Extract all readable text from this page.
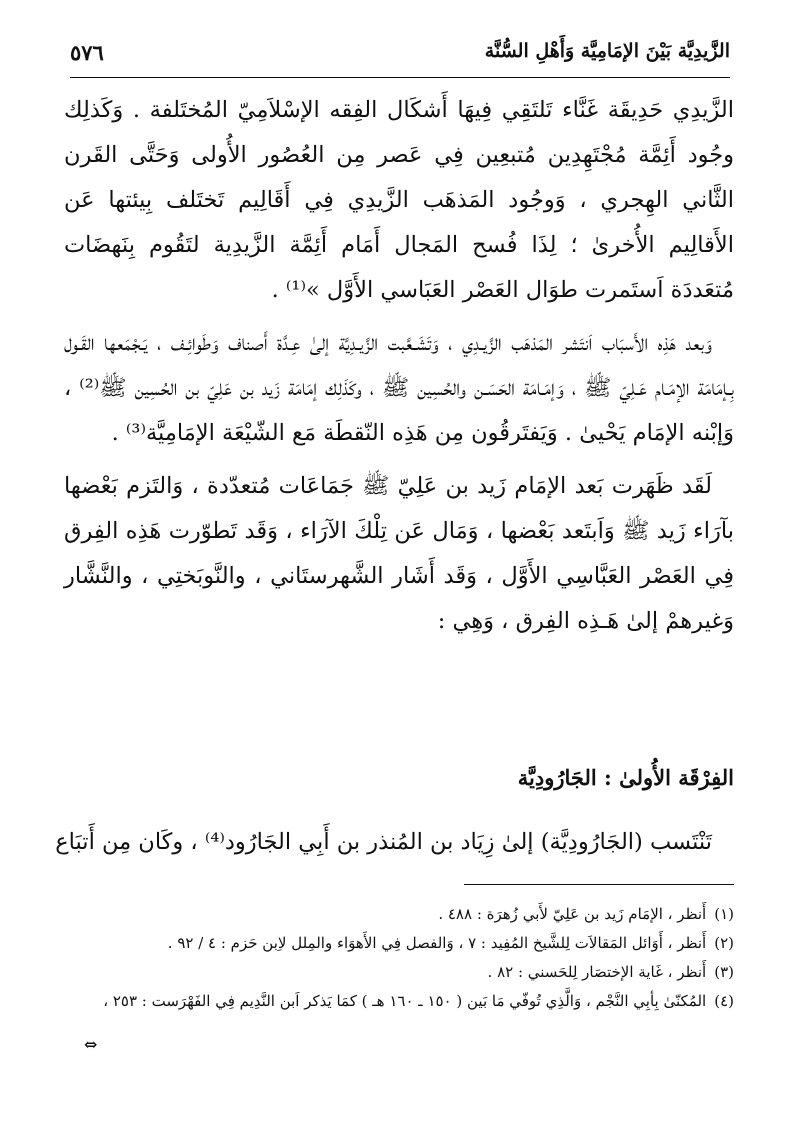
الزَّيدِيَّة بَيْنَ الإمَامِيَّة وَأَهْلِ السُّنَّة
٥٧٦

الزَّيدِي حَدِيقَة غَنَّاء تَلتَقِي فِيهَا أَشكَال الفِقه الإسْلاَمِيّ المُختَلفة . وَكَذلِك وجُود أَئِمَّة مُجْتَهِدِين مُتبعِين فِي عَصر مِن العُصُور الأُولى وَحَتَّى القَرن الثَّاني الهِجري ، وَوجُود المَذهَب الزَّيدِي فِي أَقَالِيم تَختَلف بِيئتها عَن الأَقالِيم الأُخرىٰ ؛ لِذَا فُسح المَجال أَمَام أَئِمَّة الزَّيدِية لتَقُوم بِنَهضَات مُتعَددَة اَستَمرت طوَال العَصْر العَبَاسي الأَوَّل »⁽¹⁾ .

وَبعد هَذِه الأَسبَاب اَنتَشر المَذهَب الزَّيـدِي ، وَتَشَـعَّبت الزَّيـدِيَّة إلىٰ عِـدَّة أَصناف وَطَوائِـف ، يَـجْمَعها القَـول بِـإمَامَة الإمَـام عَـلِيّ ﷺ ، وَإمَـامَة الحَسَـن والحُسِين ﷺ ، وكَذَلِك إمَامَة زَيد بن عَلِيّ بن الحُسِين ﷺ⁽²⁾ ، وَإبْنه الإمَام يَحْيىٰ . وَيَفتَرقُون مِن هَذِه النّقطَة مَع الشّيْعَة الإمَامِيَّة⁽³⁾ .

لَقَد ظَهَرت بَعد الإمَام زَيد بن عَلِيّ ﷺ جَمَاعَات مُتعدّدة ، وَالتَزم بَعْضها بآرَاء زَيد ﷺ وَاَبتَعد بَعْضها ، وَمَال عَن تِلْكَ الآرَاء ، وَقَد تَطوّرت هَذِه الفِرق فِي العَصْر العَبَّاسِي الأَوَّل ، وَقَد أَشَار الشَّهرستَاني ، والنَّوبَختِي ، والنَّشَّار وَغيرهمْ إلىٰ هَـذِه الفِرق ، وَهِي :

الفِرْقَة الأُولىٰ : الجَارُودِيَّة

تَنْتَسب (الجَارُودِيَّة) إلىٰ زِيَاد بن المُنذر بن أَبِي الجَارُود⁽⁴⁾ ، وكَان مِن أَتبَاع

(١)أَنظر ، الإمَام زَيد بن عَلِيّ لأَبي زُهرَة : ٤٨٨ .
(٢)أَنظر ، أَوَائل المَقالاَت لِلشَّيخ المُفِيد : ٧ ، وَالفصل فِي الأَهوَاء والمِلل لاِبن حَزم : ٤ / ٩٢ .
(٣)أَنظر ، غَاية الإختصَار لِلحَسني : ٨٢ .
(٤)المُكنّىٰ بِأبِي النَّجْم ، وَالَّذِي تُوفّي مَا بَين ( ١٥٠ ـ ١٦٠ هـ ) كمَا يَذكر اَبن النَّدِيم فِي الفَهْرَست : ٢٥٣ ،
⇔
